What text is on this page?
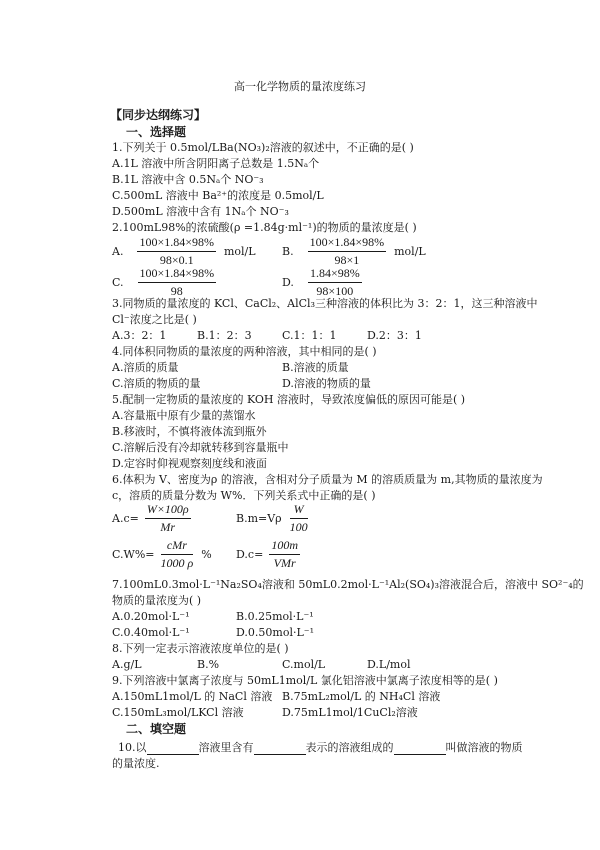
高一化学物质的量浓度练习
【同步达纲练习】
一、选择题
1.下列关于 0.5mol/LBa(NO₃)₂溶液的叙述中，不正确的是( )
A.1L 溶液中所含阴阳离子总数是 1.5Nₐ个
B.1L 溶液中含 0.5Nₐ个 NO⁻₃
C.500mL 溶液中 Ba²⁺的浓度是 0.5mol/L
D.500mL 溶液中含有 1Nₐ个 NO⁻₃
2.100mL98%的浓硫酸(ρ =1.84g·ml⁻¹)的物质的量浓度是( )
A. $\frac{100\times 1.84\times 98\%}{98\times 0.1} mol/L$ B. $\frac{100\times 1.84\times 98\%}{98\times 1} mol/L$
C. $\frac{100\times 1.84\times 98\%}{98}$	D. $\frac{1.84\times 98\%}{98\times 100}$
3.同物质的量浓度的 KCl、CaCl₂、AlCl₃三种溶液的体积比为 3：2：1，这三种溶液中
Cl⁻浓度之比是( )
A.3：2：1	B.1：2：3	C.1：1：1	D.2：3：1
4.同体积同物质的量浓度的两种溶液，其中相同的是( )
A.溶质的质量	B.溶液的质量
C.溶质的物质的量	D.溶液的物质的量
5.配制一定物质的量浓度的 KOH 溶液时，导致浓度偏低的原因可能是( )
A.容量瓶中原有少量的蒸馏水
B.移液时，不慎将液体流到瓶外
C.溶解后没有冷却就转移到容量瓶中
D.定容时仰视观察刻度线和液面
6.体积为 V、密度为ρ 的溶液，含相对分子质量为 M 的溶质质量为 m,其物质的量浓度为
c，溶质的质量分数为 W%．下列关系式中正确的是( )
$A.c= \frac{W\times 100\rho}{Mr}$	$B.m=V\rho \frac{W}{100}$
$C.W\%= \frac{\text{cMr}}{1000 \rho}$ % $D.c= \frac{100m}{\text{VMr}}$
7.100mL0.3mol·L⁻¹Na₂SO₄溶液和 50mL0.2mol·L⁻¹Al₂(SO₄)₃溶液混合后，溶液中 SO²⁻₄的
物质的量浓度为( )
A.0.20mol·L⁻¹	B.0.25mol·L⁻¹
C.0.40mol·L⁻¹	D.0.50mol·L⁻¹
8.下列一定表示溶液浓度单位的是( )
A.g/L	B.%	C.mol/L	D.L/mol
9.下列溶液中氯离子浓度与 50mL1mol/L 氯化铝溶液中氯离子浓度相等的是( )
A.150mL1mol/L 的 NaCl 溶液 B.75mL₂mol/L 的 NH₄Cl 溶液
C.150mL₃mol/LKCl 溶液	D.75mL1mol/1CuCl₂溶液
二、填空题
10.以	溶液里含有	表示的溶液组成的	叫做溶液的物质
的量浓度.
